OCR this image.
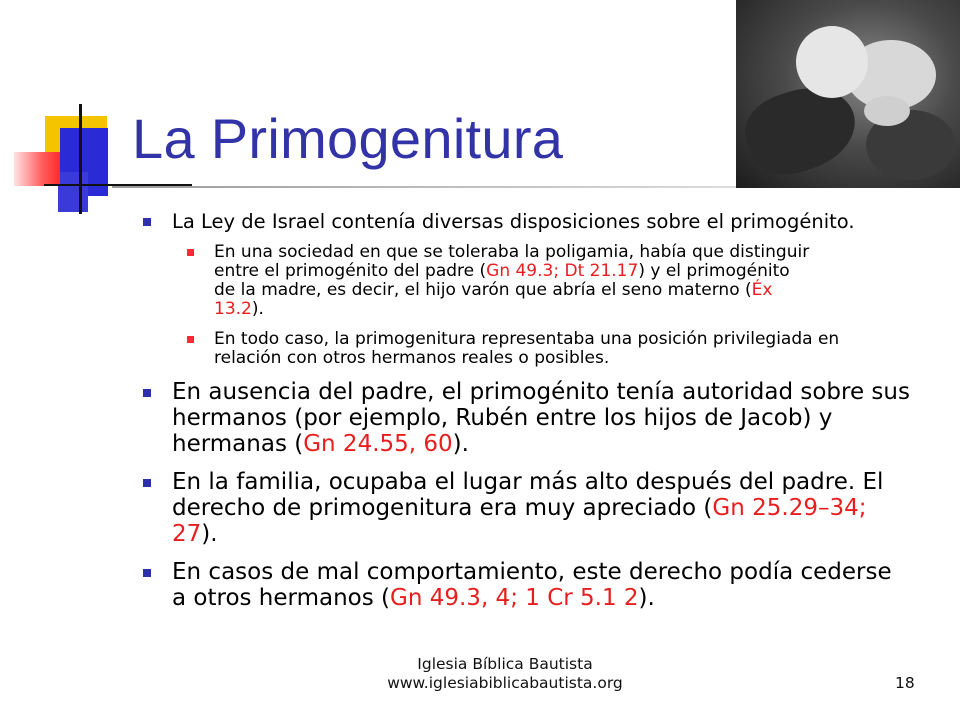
La Primogenitura
La Ley de Israel contenía diversas disposiciones sobre el primogénito.
En una sociedad en que se toleraba la poligamia, había que distinguir entre el primogénito del padre (Gn 49.3; Dt 21.17) y el primogénito de la madre, es decir, el hijo varón que abría el seno materno (Éx 13.2).
En todo caso, la primogenitura representaba una posición privilegiada en relación con otros hermanos reales o posibles.
En ausencia del padre, el primogénito tenía autoridad sobre sus hermanos (por ejemplo, Rubén entre los hijos de Jacob) y hermanas (Gn 24.55, 60).
En la familia, ocupaba el lugar más alto después del padre. El derecho de primogenitura era muy apreciado (Gn 25.29–34; 27).
En casos de mal comportamiento, este derecho podía cederse a otros hermanos (Gn 49.3, 4; 1 Cr 5.1 2).
Iglesia Bíblica Bautista
www.iglesiabiblicabautista.org	18
